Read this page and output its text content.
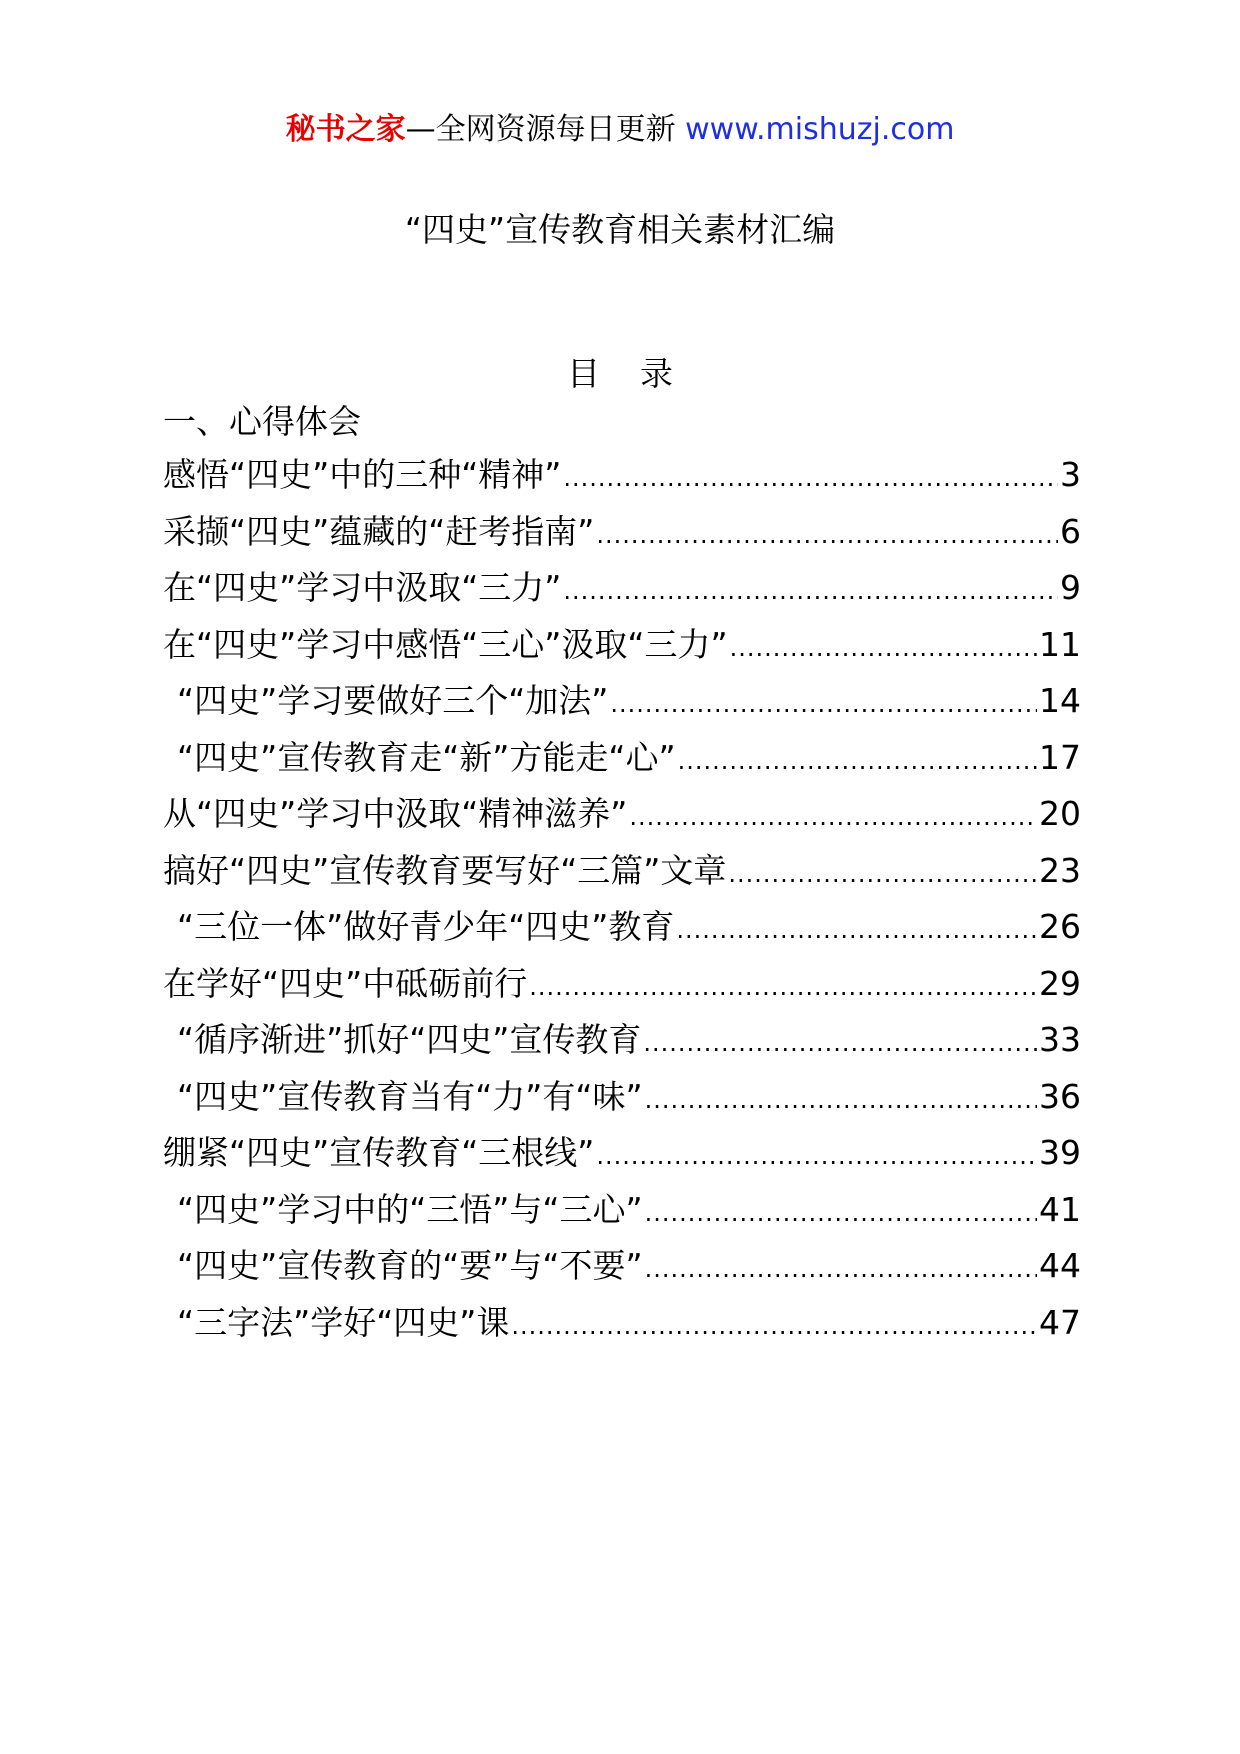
秘书之家—全网资源每日更新 www.mishuzj.com
“四史”宣传教育相关素材汇编
目录
一、心得体会
感悟“四史”中的三种“精神” .....	3
采撷“四史”蕴藏的“赶考指南” .....	6
在“四史”学习中汲取“三力” .....	9
在“四史”学习中感悟“三心”汲取“三力” .....	11
“四史”学习要做好三个“加法” .....	14
“四史”宣传教育走“新”方能走“心” .....	17
从“四史”学习中汲取“精神滋养” .....	20
搞好“四史”宣传教育要写好“三篇”文章 .....	23
“三位一体”做好青少年“四史”教育 .....	26
在学好“四史”中砥砺前行 .....	29
“循序渐进”抓好“四史”宣传教育 .....	33
“四史”宣传教育当有“力”有“味” .....	36
绷紧“四史”宣传教育“三根线” .....	39
“四史”学习中的“三悟”与“三心” .....	41
“四史”宣传教育的“要”与“不要” .....	44
“三字法”学好“四史”课 .....	47
